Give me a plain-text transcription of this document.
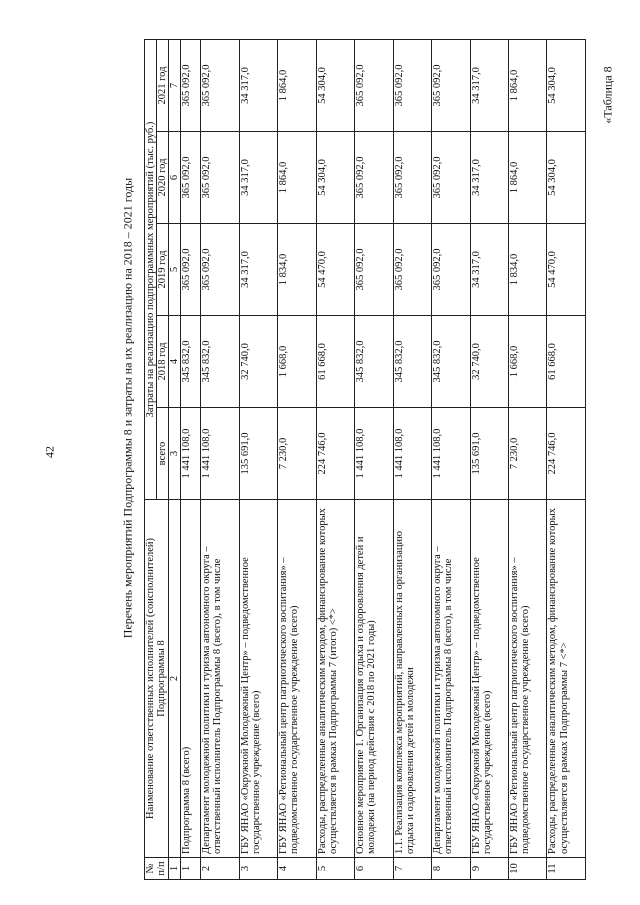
42
«Таблица 8
Перечень мероприятий Подпрограммы 8 и затраты на их реализацию на 2018 – 2021 годы
№ п/п	Наименование ответственных исполнителей (соисполнителей) Подпрограммы 8	Затраты на реализацию подпрограммных мероприятий (тыс. руб.)				
		всего	2018 год	2019 год	2020 год	2021 год
1	2	3	4	5	6	7
1	Подпрограмма 8 (всего)	1 441 108,0	345 832,0	365 092,0	365 092,0	365 092,0
2	Департамент молодежной политики и туризма автономного округа – ответственный исполнитель Подпрограммы 8 (всего), в том числе	1 441 108,0	345 832,0	365 092,0	365 092,0	365 092,0
3	ГБУ ЯНАО «Окружной Молодежный Центр» – подведомственное государственное учреждение (всего)	135 691,0	32 740,0	34 317,0	34 317,0	34 317,0
4	ГБУ ЯНАО «Региональный центр патриотического воспитания» – подведомственное государственное учреждение (всего)	7 230,0	1 668,0	1 834,0	1 864,0	1 864,0
5	Расходы, распределенные аналитическим методом, финансирование которых осуществляется в рамках Подпрограммы 7 (итого) <*>	224 746,0	61 668,0	54 470,0	54 304,0	54 304,0
6	Основное мероприятие 1. Организация отдыха и оздоровления детей и молодежи (на период действия с 2018 по 2021 годы)	1 441 108,0	345 832,0	365 092,0	365 092,0	365 092,0
7	1.1. Реализация комплекса мероприятий, направленных на организацию отдыха и оздоровления детей и молодежи	1 441 108,0	345 832,0	365 092,0	365 092,0	365 092,0
8	Департамент молодежной политики и туризма автономного округа – ответственный исполнитель Подпрограммы 8 (всего), в том числе	1 441 108,0	345 832,0	365 092,0	365 092,0	365 092,0
9	ГБУ ЯНАО «Окружной Молодежный Центр» – подведомственное государственное учреждение (всего)	135 691,0	32 740,0	34 317,0	34 317,0	34 317,0
10	ГБУ ЯНАО «Региональный центр патриотического воспитания» – подведомственное государственное учреждение (всего)	7 230,0	1 668,0	1 834,0	1 864,0	1 864,0
11	Расходы, распределенные аналитическим методом, финансирование которых осуществляется в рамках Подпрограммы 7 <*>	224 746,0	61 668,0	54 470,0	54 304,0	54 304,0
